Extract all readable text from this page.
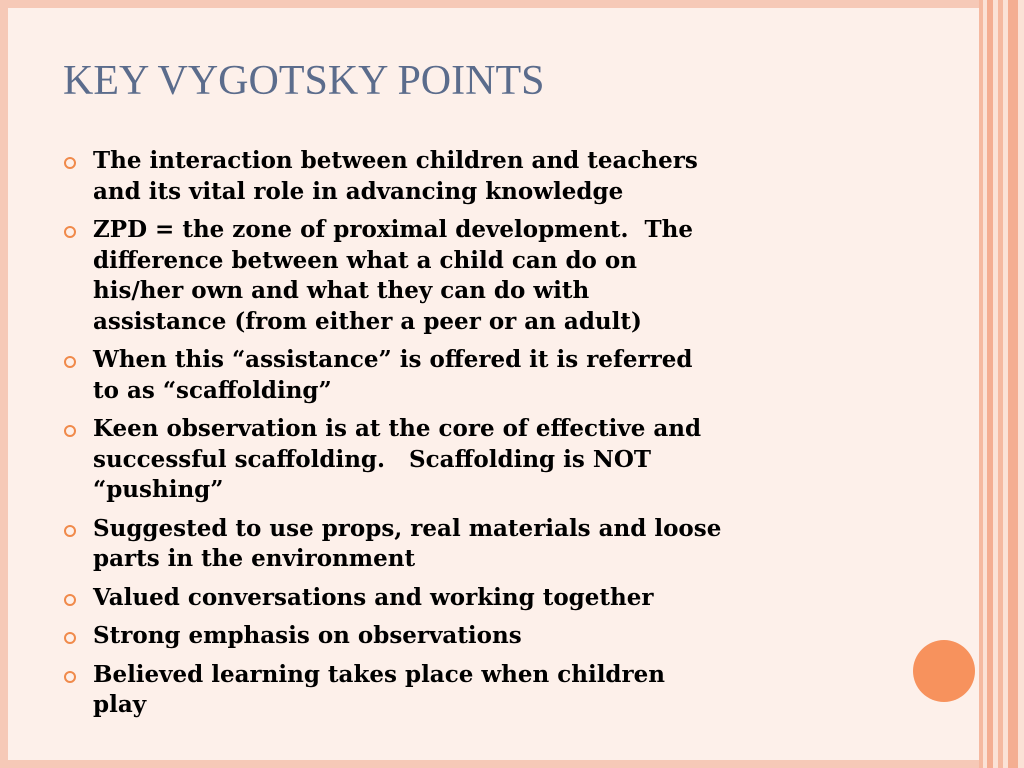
KEY VYGOTSKY POINTS
The interaction between children and teachers
and its vital role in advancing knowledge
ZPD = the zone of proximal development.  The
difference between what a child can do on
his/her own and what they can do with
assistance (from either a peer or an adult)
When this “assistance” is offered it is referred
to as “scaffolding”
Keen observation is at the core of effective and
successful scaffolding.   Scaffolding is NOT
“pushing”
Suggested to use props, real materials and loose
parts in the environment
Valued conversations and working together
Strong emphasis on observations
Believed learning takes place when children
play
